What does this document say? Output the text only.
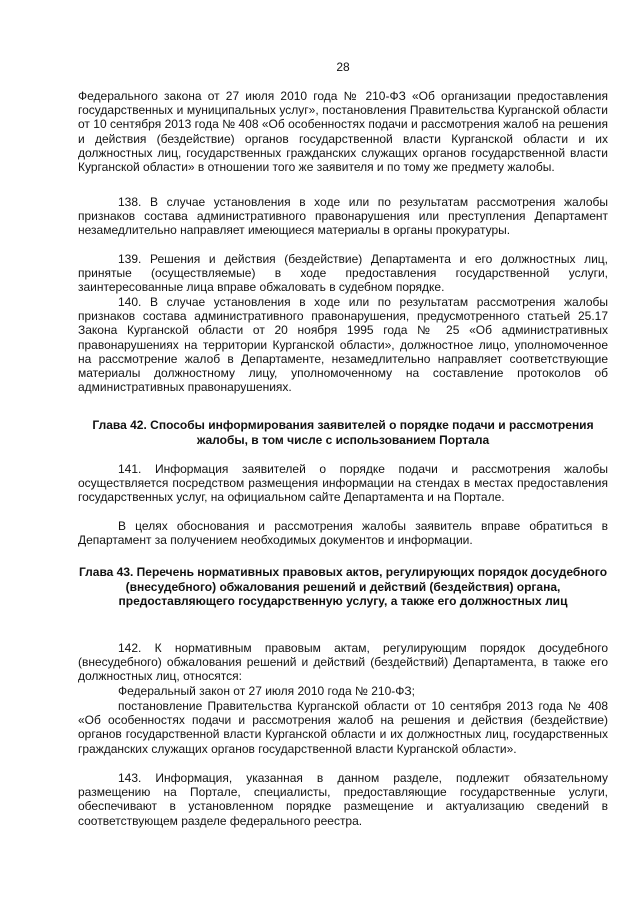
28

Федерального закона от 27 июля 2010 года № 210-ФЗ «Об организации предоставления государственных и муниципальных услуг», постановления Правительства Курганской области от 10 сентября 2013 года № 408 «Об особенностях подачи и рассмотрения жалоб на решения и действия (бездействие) органов государственной власти Курганской области и их должностных лиц, государственных гражданских служащих органов государственной власти Курганской области» в отношении того же заявителя и по тому же предмету жалобы.

138. В случае установления в ходе или по результатам рассмотрения жалобы признаков состава административного правонарушения или преступления Департамент незамедлительно направляет имеющиеся материалы в органы прокуратуры.

139. Решения и действия (бездействие) Департамента и его должностных лиц, принятые (осуществляемые) в ходе предоставления государственной услуги, заинтересованные лица вправе обжаловать в судебном порядке.

140. В случае установления в ходе или по результатам рассмотрения жалобы признаков состава административного правонарушения, предусмотренного статьей 25.17 Закона Курганской области от 20 ноября 1995 года № 25 «Об административных правонарушениях на территории Курганской области», должностное лицо, уполномоченное на рассмотрение жалоб в Департаменте, незамедлительно направляет соответствующие материалы должностному лицу, уполномоченному на составление протоколов об административных правонарушениях.

Глава 42. Способы информирования заявителей о порядке подачи и рассмотрения жалобы, в том числе с использованием Портала

141. Информация заявителей о порядке подачи и рассмотрения жалобы осуществляется посредством размещения информации на стендах в местах предоставления государственных услуг, на официальном сайте Департамента и на Портале.

В целях обоснования и рассмотрения жалобы заявитель вправе обратиться в Департамент за получением необходимых документов и информации.

Глава 43. Перечень нормативных правовых актов, регулирующих порядок досудебного (внесудебного) обжалования решений и действий (бездействия) органа, предоставляющего государственную услугу, а также его должностных лиц

142. К нормативным правовым актам, регулирующим порядок досудебного (внесудебного) обжалования решений и действий (бездействий) Департамента, в также его должностных лиц, относятся:

Федеральный закон от 27 июля 2010 года № 210-ФЗ;

постановление Правительства Курганской области от 10 сентября 2013 года № 408 «Об особенностях подачи и рассмотрения жалоб на решения и действия (бездействие) органов государственной власти Курганской области и их должностных лиц, государственных гражданских служащих органов государственной власти Курганской области».

143. Информация, указанная в данном разделе, подлежит обязательному размещению на Портале, специалисты, предоставляющие государственные услуги, обеспечивают в установленном порядке размещение и актуализацию сведений в соответствующем разделе федерального реестра.
